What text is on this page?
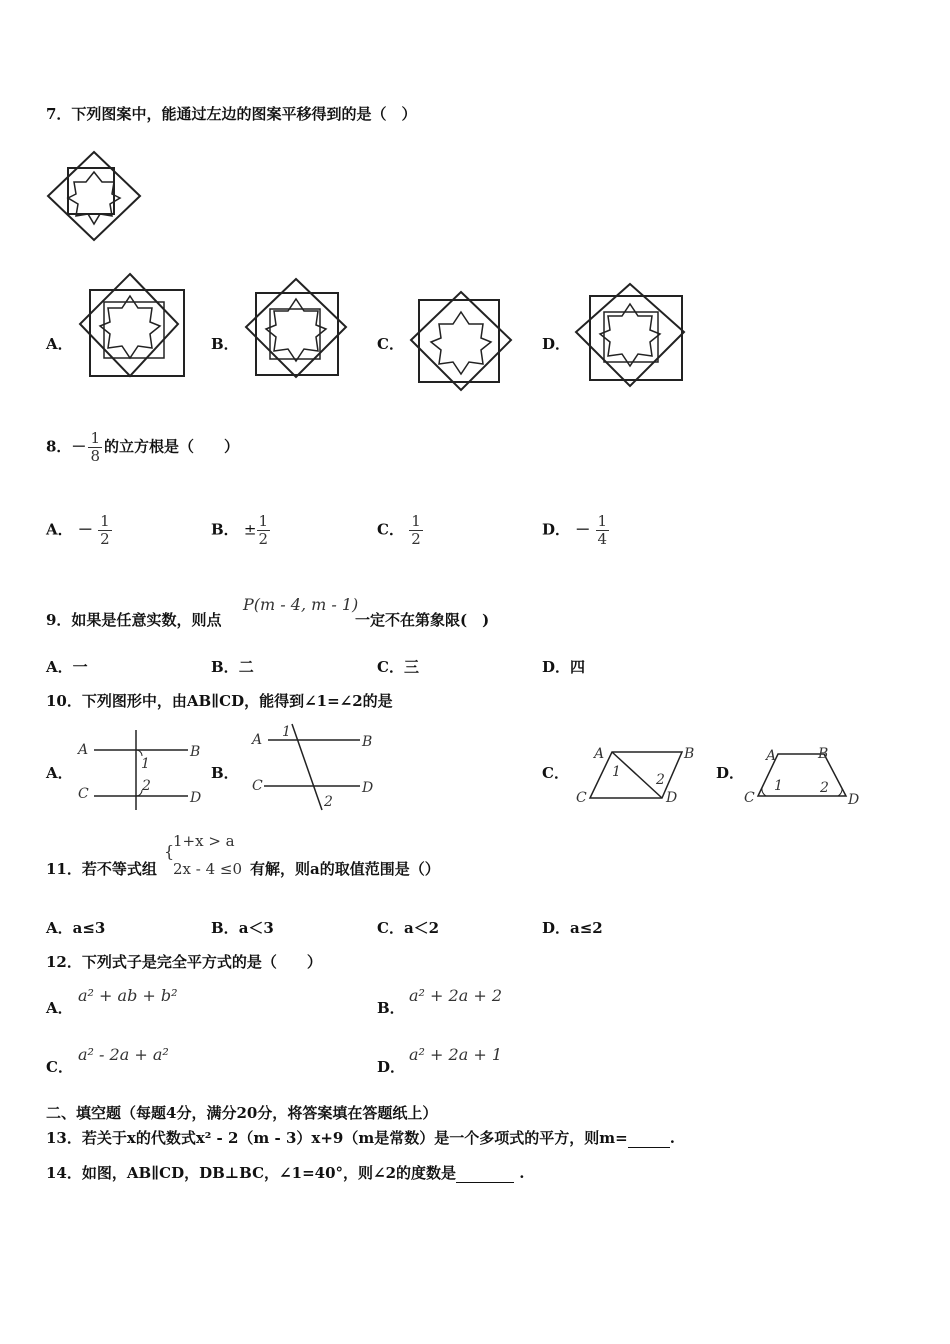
7．下列图案中，能通过左边的图案平移得到的是（　）
A．	B．	C．	D．
8．－ $\frac{1}{8}$ 的立方根是（　　）
A． － $\frac{1}{2}$	B． ± $\frac{1}{2}$	C． $\frac{1}{2}$	D． － $\frac{1}{4}$
9．如果是任意实数，则点
P(m - 4, m - 1)
一定不在第象限(　)
A．一	B．二	C．三	D．四
10．下列图形中，由AB∥CD，能得到∠1=∠2的是
A．
A	B
C	D
1
2
B．
A	B
C	D
1
2
C．
A	B
C	D
1	2	D．
A	B
C	D
1	2
11．若不等式组
{
1+x > a
2x - 4 ≤0 有解，则a的取值范围是（）
A．a≤3	B．a＜3	C．a＜2	D．a≤2
12．下列式子是完全平方式的是（　　）
A．
a² + ab + b²
B．
a² + 2a + 2
C．
a² - 2a + a²
D．
a² + 2a + 1
二、填空题（每题4分，满分20分，将答案填在答题纸上）
13．若关于x的代数式x² - 2（m - 3）x+9（m是常数）是一个多项式的平方，则m=	.
14．如图，AB∥CD，DB⊥BC，∠1=40°，则∠2的度数是	.
